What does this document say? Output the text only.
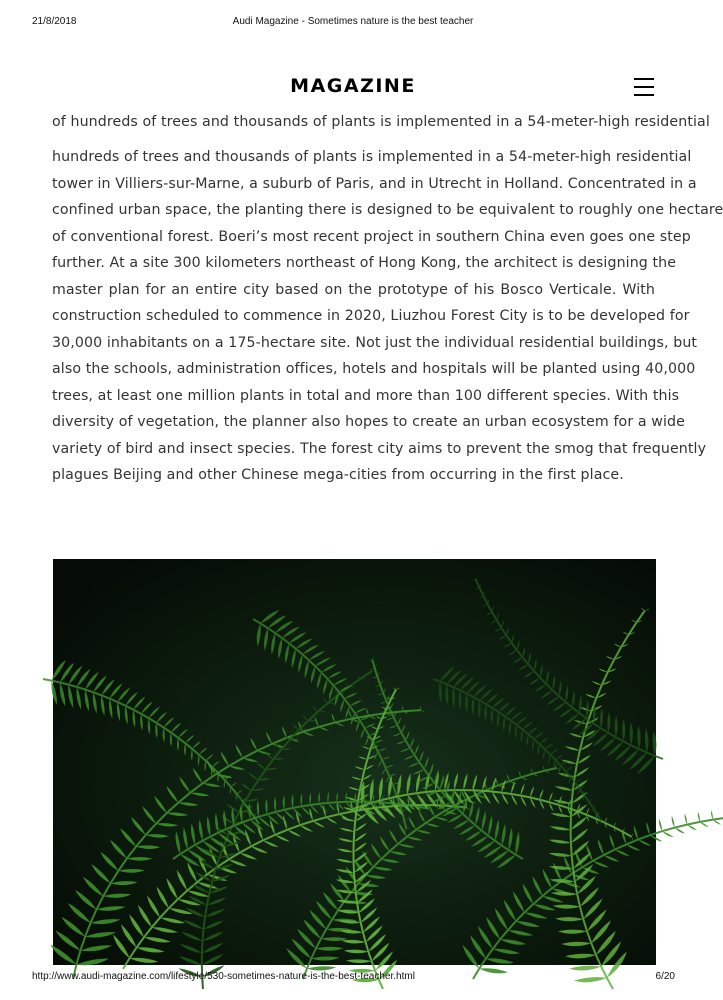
21/8/2018	Audi Magazine - Sometimes nature is the best teacher
MAGAZINE
of hundreds of trees and thousands of plants is implemented in a 54-meter-high residential
hundreds of trees and thousands of plants is implemented in a 54-meter-high residential
tower in Villiers-sur-Marne, a suburb of Paris, and in Utrecht in Holland. Concentrated in a
confined urban space, the planting there is designed to be equivalent to roughly one hectare
of conventional forest. Boeri’s most recent project in southern China even goes one step
further. At a site 300 kilometers northeast of Hong Kong, the architect is designing the
master plan for an entire city based on the prototype of his Bosco Verticale. With
construction scheduled to commence in 2020, Liuzhou Forest City is to be developed for
30,000 inhabitants on a 175-hectare site. Not just the individual residential buildings, but
also the schools, administration offices, hotels and hospitals will be planted using 40,000
trees, at least one million plants in total and more than 100 different species. With this
diversity of vegetation, the planner also hopes to create an urban ecosystem for a wide
variety of bird and insect species. The forest city aims to prevent the smog that frequently
plagues Beijing and other Chinese mega-cities from occurring in the first place.
http://www.audi-magazine.com/lifestyle/530-sometimes-nature-is-the-best-teacher.html	6/20
